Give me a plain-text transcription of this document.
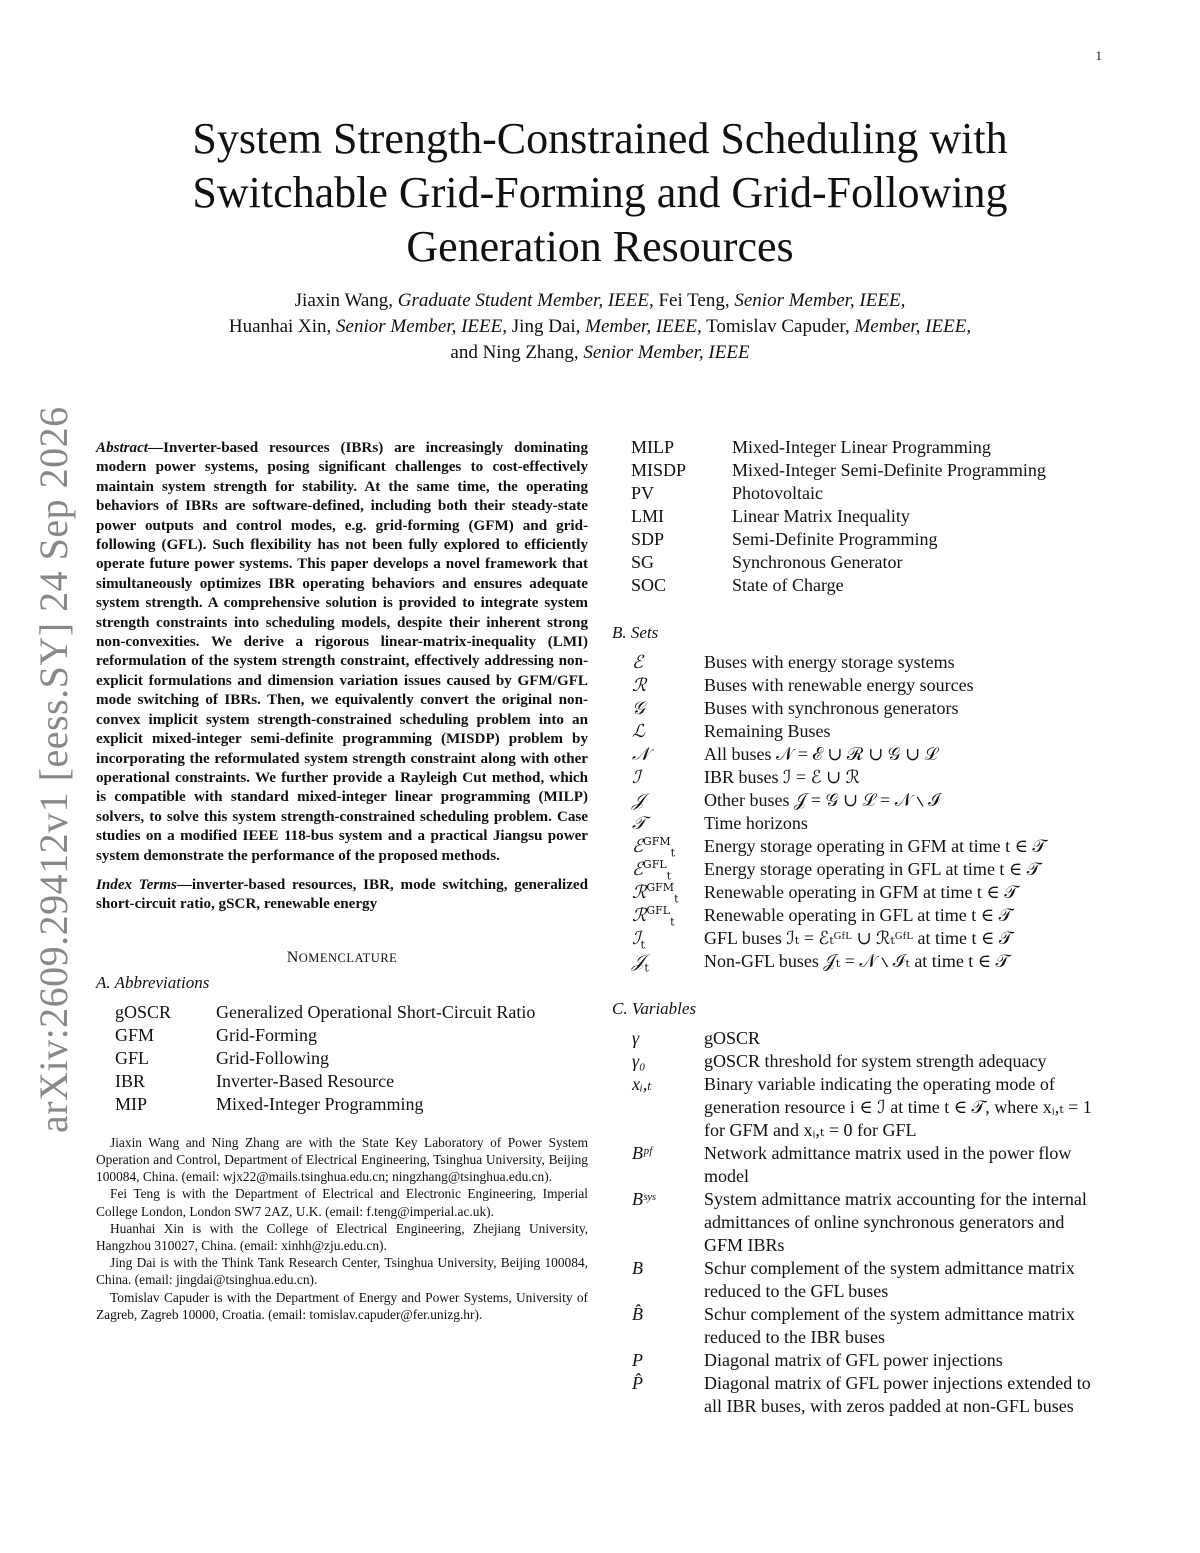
1
arXiv:2609.29412v1 [eess.SY] 24 Sep 2026
System Strength-Constrained Scheduling with Switchable Grid-Forming and Grid-Following Generation Resources
Jiaxin Wang, Graduate Student Member, IEEE, Fei Teng, Senior Member, IEEE,
Huanhai Xin, Senior Member, IEEE, Jing Dai, Member, IEEE, Tomislav Capuder, Member, IEEE,
and Ning Zhang, Senior Member, IEEE
Abstract—Inverter-based resources (IBRs) are increasingly dominating modern power systems, posing significant challenges to cost-effectively maintain system strength for stability. At the same time, the operating behaviors of IBRs are software-defined, including both their steady-state power outputs and control modes, e.g. grid-forming (GFM) and grid-following (GFL). Such flexibility has not been fully explored to efficiently operate future power systems. This paper develops a novel framework that simultaneously optimizes IBR operating behaviors and ensures adequate system strength. A comprehensive solution is provided to integrate system strength constraints into scheduling models, despite their inherent strong non-convexities. We derive a rigorous linear-matrix-inequality (LMI) reformulation of the system strength constraint, effectively addressing non-explicit formulations and dimension variation issues caused by GFM/GFL mode switching of IBRs. Then, we equivalently convert the original non-convex implicit system strength-constrained scheduling problem into an explicit mixed-integer semi-definite programming (MISDP) problem by incorporating the reformulated system strength constraint along with other operational constraints. We further provide a Rayleigh Cut method, which is compatible with standard mixed-integer linear programming (MILP) solvers, to solve this system strength-constrained scheduling problem. Case studies on a modified IEEE 118-bus system and a practical Jiangsu power system demonstrate the performance of the proposed methods.
Index Terms—inverter-based resources, IBR, mode switching, generalized short-circuit ratio, gSCR, renewable energy
NOMENCLATURE
A. Abbreviations
gOSCR	Generalized Operational Short-Circuit Ratio
GFM	Grid-Forming
GFL	Grid-Following
IBR	Inverter-Based Resource
MIP	Mixed-Integer Programming

Jiaxin Wang and Ning Zhang are with the State Key Laboratory of Power System Operation and Control, Department of Electrical Engineering, Tsinghua University, Beijing 100084, China. (email: wjx22@mails.tsinghua.edu.cn; ningzhang@tsinghua.edu.cn).

Fei Teng is with the Department of Electrical and Electronic Engineering, Imperial College London, London SW7 2AZ, U.K. (email: f.teng@imperial.ac.uk).

Huanhai Xin is with the College of Electrical Engineering, Zhejiang University, Hangzhou 310027, China. (email: xinhh@zju.edu.cn).

Jing Dai is with the Think Tank Research Center, Tsinghua University, Beijing 100084, China. (email: jingdai@tsinghua.edu.cn).

Tomislav Capuder is with the Department of Energy and Power Systems, University of Zagreb, Zagreb 10000, Croatia. (email: tomislav.capuder@fer.unizg.hr).

MILP	Mixed-Integer Linear Programming
MISDP	Mixed-Integer Semi-Definite Programming
PV	Photovoltaic
LMI	Linear Matrix Inequality
SDP	Semi-Definite Programming
SG	Synchronous Generator
SOC	State of Charge
B. Sets
ℰ	Buses with energy storage systems
ℛ	Buses with renewable energy sources
𝒢	Buses with synchronous generators
ℒ	Remaining Buses
𝒩	All buses 𝒩 = ℰ ∪ ℛ ∪ 𝒢 ∪ ℒ
ℐ	IBR buses ℐ = ℰ ∪ ℛ
𝒥	Other buses 𝒥 = 𝒢 ∪ ℒ = 𝒩 ∖ ℐ
𝒯	Time horizons
ℰ$^{GFM}_t$	Energy storage operating in GFM at time t ∈ 𝒯
ℰ$^{GFL}_t$	Energy storage operating in GFL at time t ∈ 𝒯
ℛ$^{GFM}_t$	Renewable operating in GFM at time t ∈ 𝒯
ℛ$^{GFL}_t$	Renewable operating in GFL at time t ∈ 𝒯
ℐ$_t$	GFL buses ℐₜ = ℰₜᴳᶠᴸ ∪ ℛₜᴳᶠᴸ at time t ∈ 𝒯
𝒥$_t$	Non-GFL buses 𝒥ₜ = 𝒩 ∖ ℐₜ at time t ∈ 𝒯
C. Variables
γ	gOSCR
γ₀	gOSCR threshold for system strength adequacy
xᵢ,ₜ	Binary variable indicating the operating mode of generation resource i ∈ ℐ at time t ∈ 𝒯, where xᵢ,ₜ = 1 for GFM and xᵢ,ₜ = 0 for GFL
Bᵖᶠ	Network admittance matrix used in the power flow model
Bˢʸˢ	System admittance matrix accounting for the internal admittances of online synchronous generators and GFM IBRs
B	Schur complement of the system admittance matrix reduced to the GFL buses
B̂	Schur complement of the system admittance matrix reduced to the IBR buses
P	Diagonal matrix of GFL power injections
P̂	Diagonal matrix of GFL power injections extended to all IBR buses, with zeros padded at non-GFL buses
